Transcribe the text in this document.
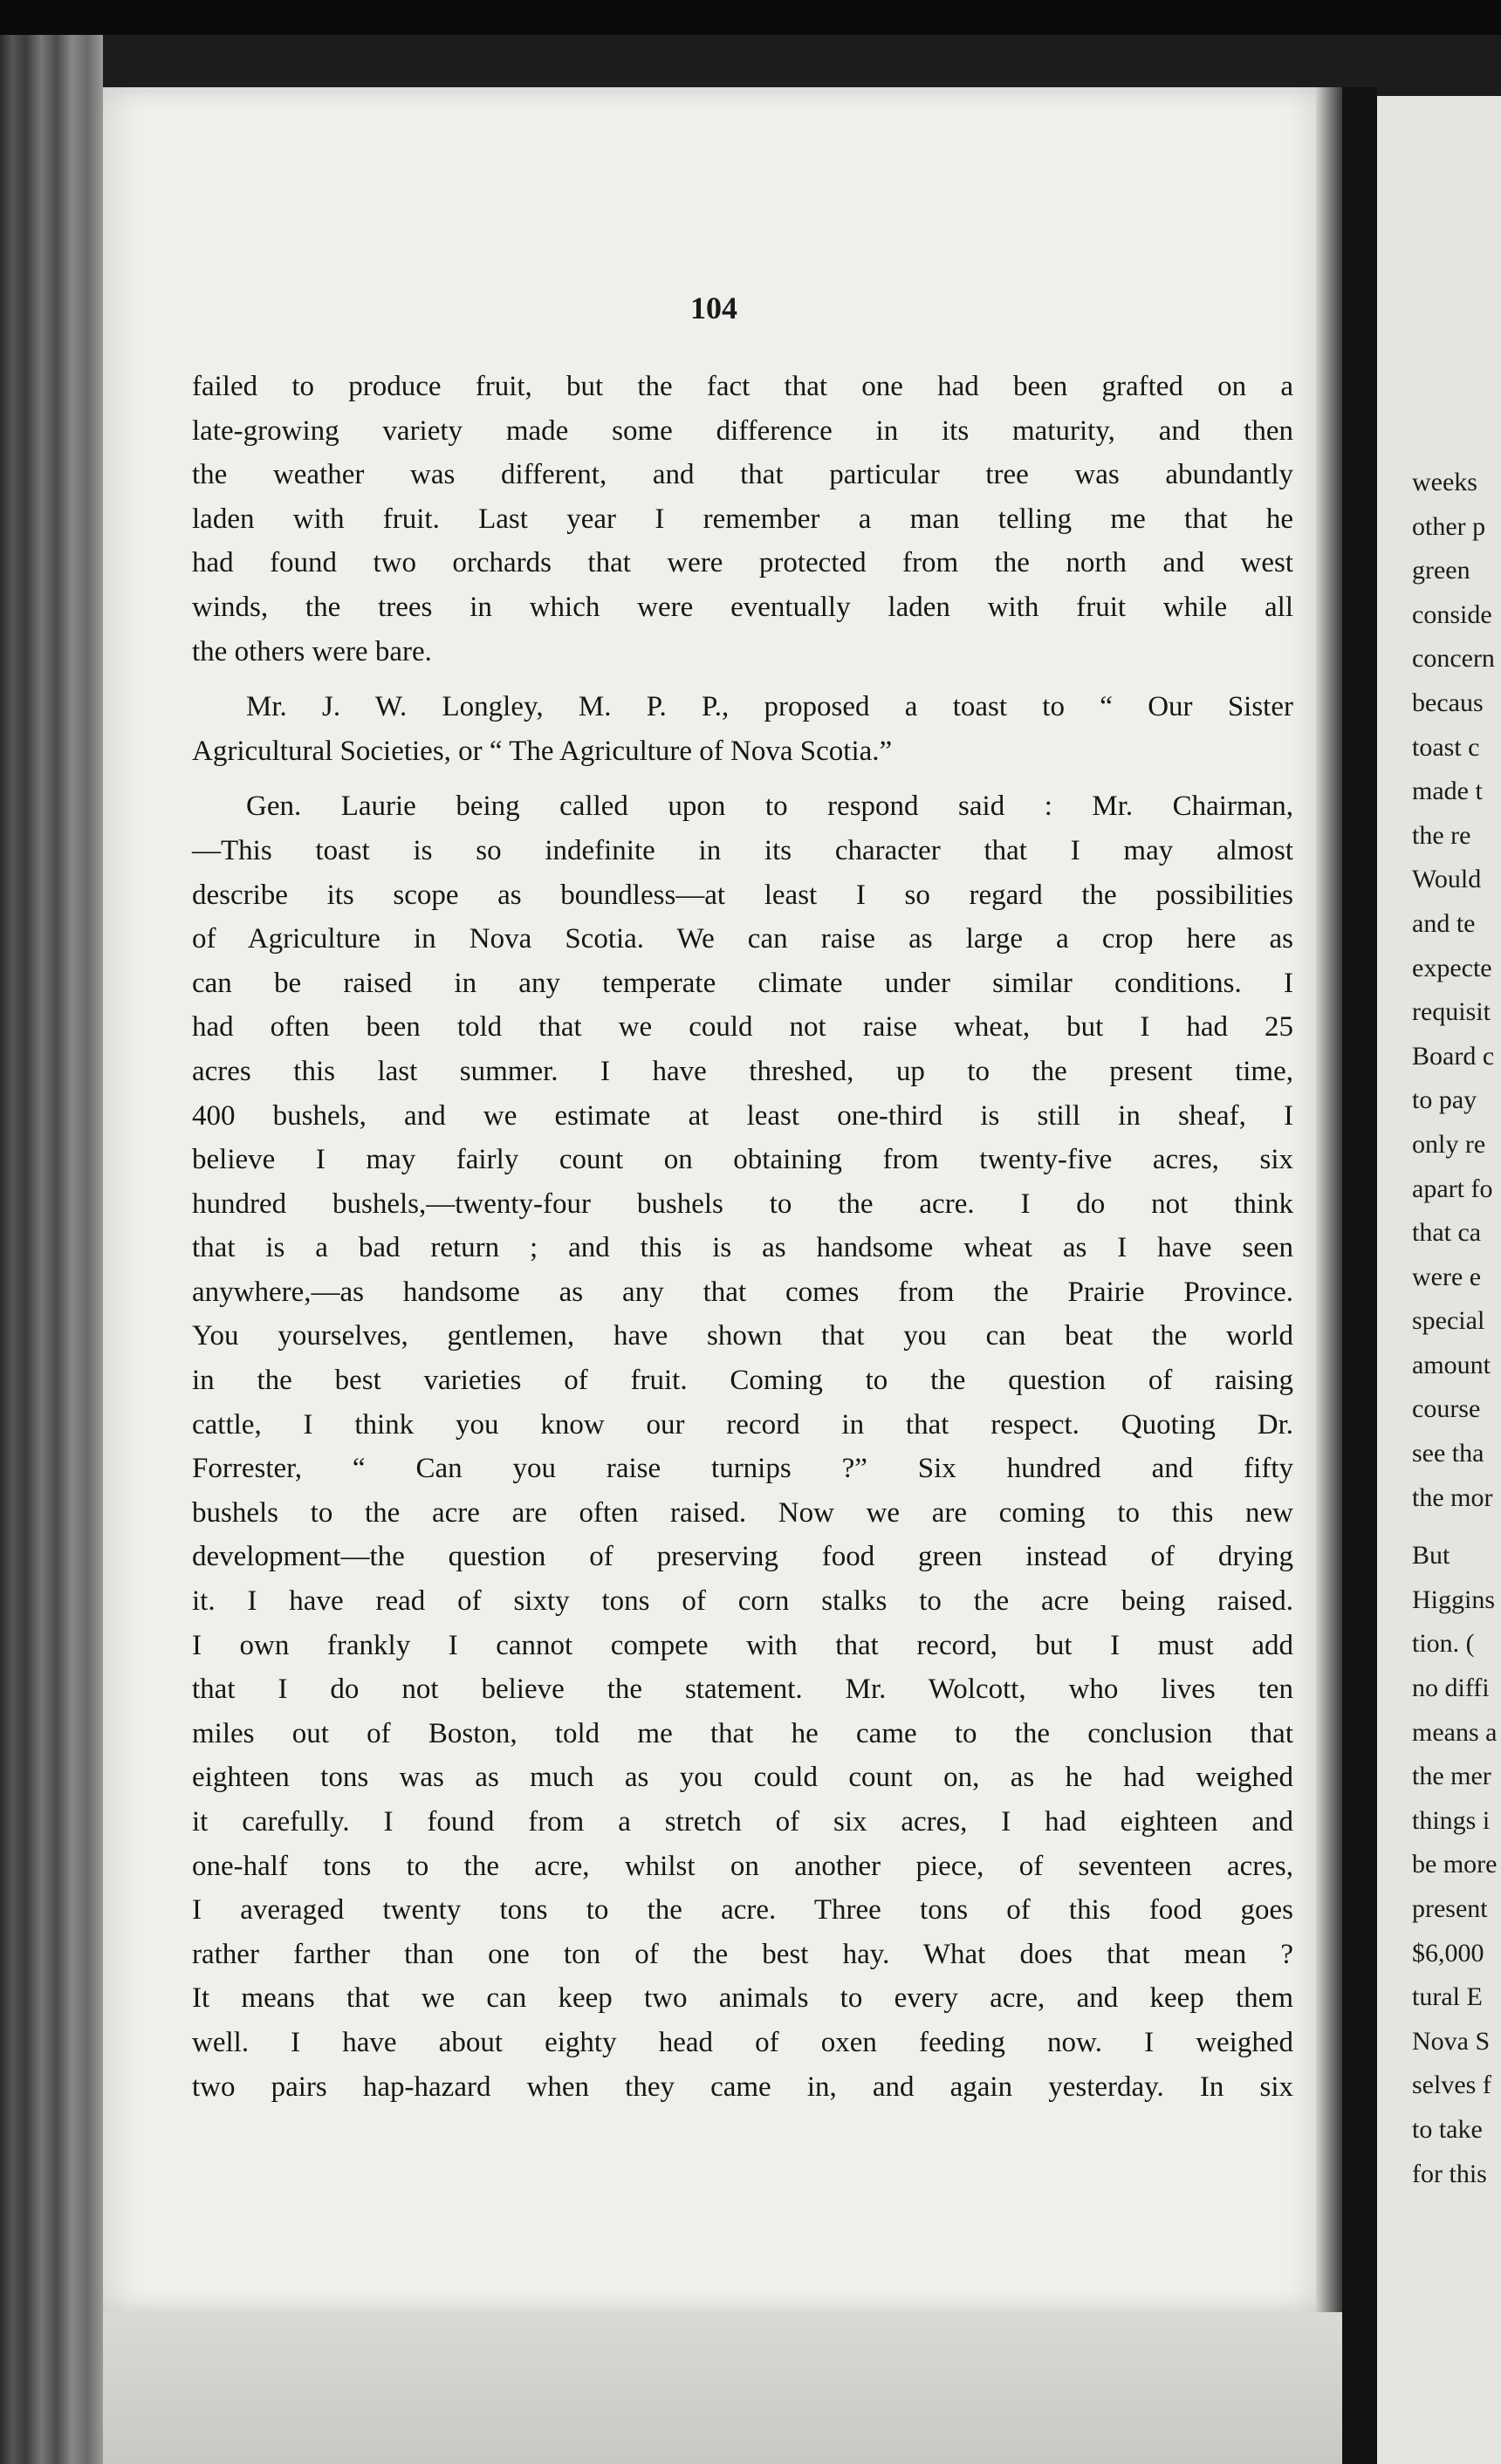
104
failed to produce fruit, but the fact that one had been grafted on a
late-growing variety made some difference in its maturity, and then
the weather was different, and that particular tree was abundantly
laden with fruit. Last year I remember a man telling me that he
had found two orchards that were protected from the north and west
winds, the trees in which were eventually laden with fruit while all
the others were bare.
Mr. J. W. Longley, M. P. P., proposed a toast to “ Our Sister
Agricultural Societies, or “ The Agriculture of Nova Scotia.”
Gen. Laurie being called upon to respond said : Mr. Chairman,
—This toast is so indefinite in its character that I may almost
describe its scope as boundless—at least I so regard the possibilities
of Agriculture in Nova Scotia. We can raise as large a crop here as
can be raised in any temperate climate under similar conditions. I
had often been told that we could not raise wheat, but I had 25
acres this last summer. I have threshed, up to the present time,
400 bushels, and we estimate at least one-third is still in sheaf, I
believe I may fairly count on obtaining from twenty-five acres, six
hundred bushels,—twenty-four bushels to the acre. I do not think
that is a bad return ; and this is as handsome wheat as I have seen
anywhere,—as handsome as any that comes from the Prairie Province.
You yourselves, gentlemen, have shown that you can beat the world
in the best varieties of fruit. Coming to the question of raising
cattle, I think you know our record in that respect. Quoting Dr.
Forrester, “ Can you raise turnips ?” Six hundred and fifty
bushels to the acre are often raised. Now we are coming to this new
development—the question of preserving food green instead of drying
it. I have read of sixty tons of corn stalks to the acre being raised.
I own frankly I cannot compete with that record, but I must add
that I do not believe the statement. Mr. Wolcott, who lives ten
miles out of Boston, told me that he came to the conclusion that
eighteen tons was as much as you could count on, as he had weighed
it carefully. I found from a stretch of six acres, I had eighteen and
one-half tons to the acre, whilst on another piece, of seventeen acres,
I averaged twenty tons to the acre. Three tons of this food goes
rather farther than one ton of the best hay. What does that mean ?
It means that we can keep two animals to every acre, and keep them
well. I have about eighty head of oxen feeding now. I weighed
two pairs hap-hazard when they came in, and again yesterday. In six
weeks
other p
green
conside
concern
becaus
toast c
made t
the re
Would
and te
expecte
requisit
Board c
to pay
only re
apart fo
that ca
were e
special
amount
course
see tha
the mor
But
Higgins
tion. (
no diffi
means a
the mer
things i
be more
present
$6,000
tural E
Nova S
selves f
to take
for this
